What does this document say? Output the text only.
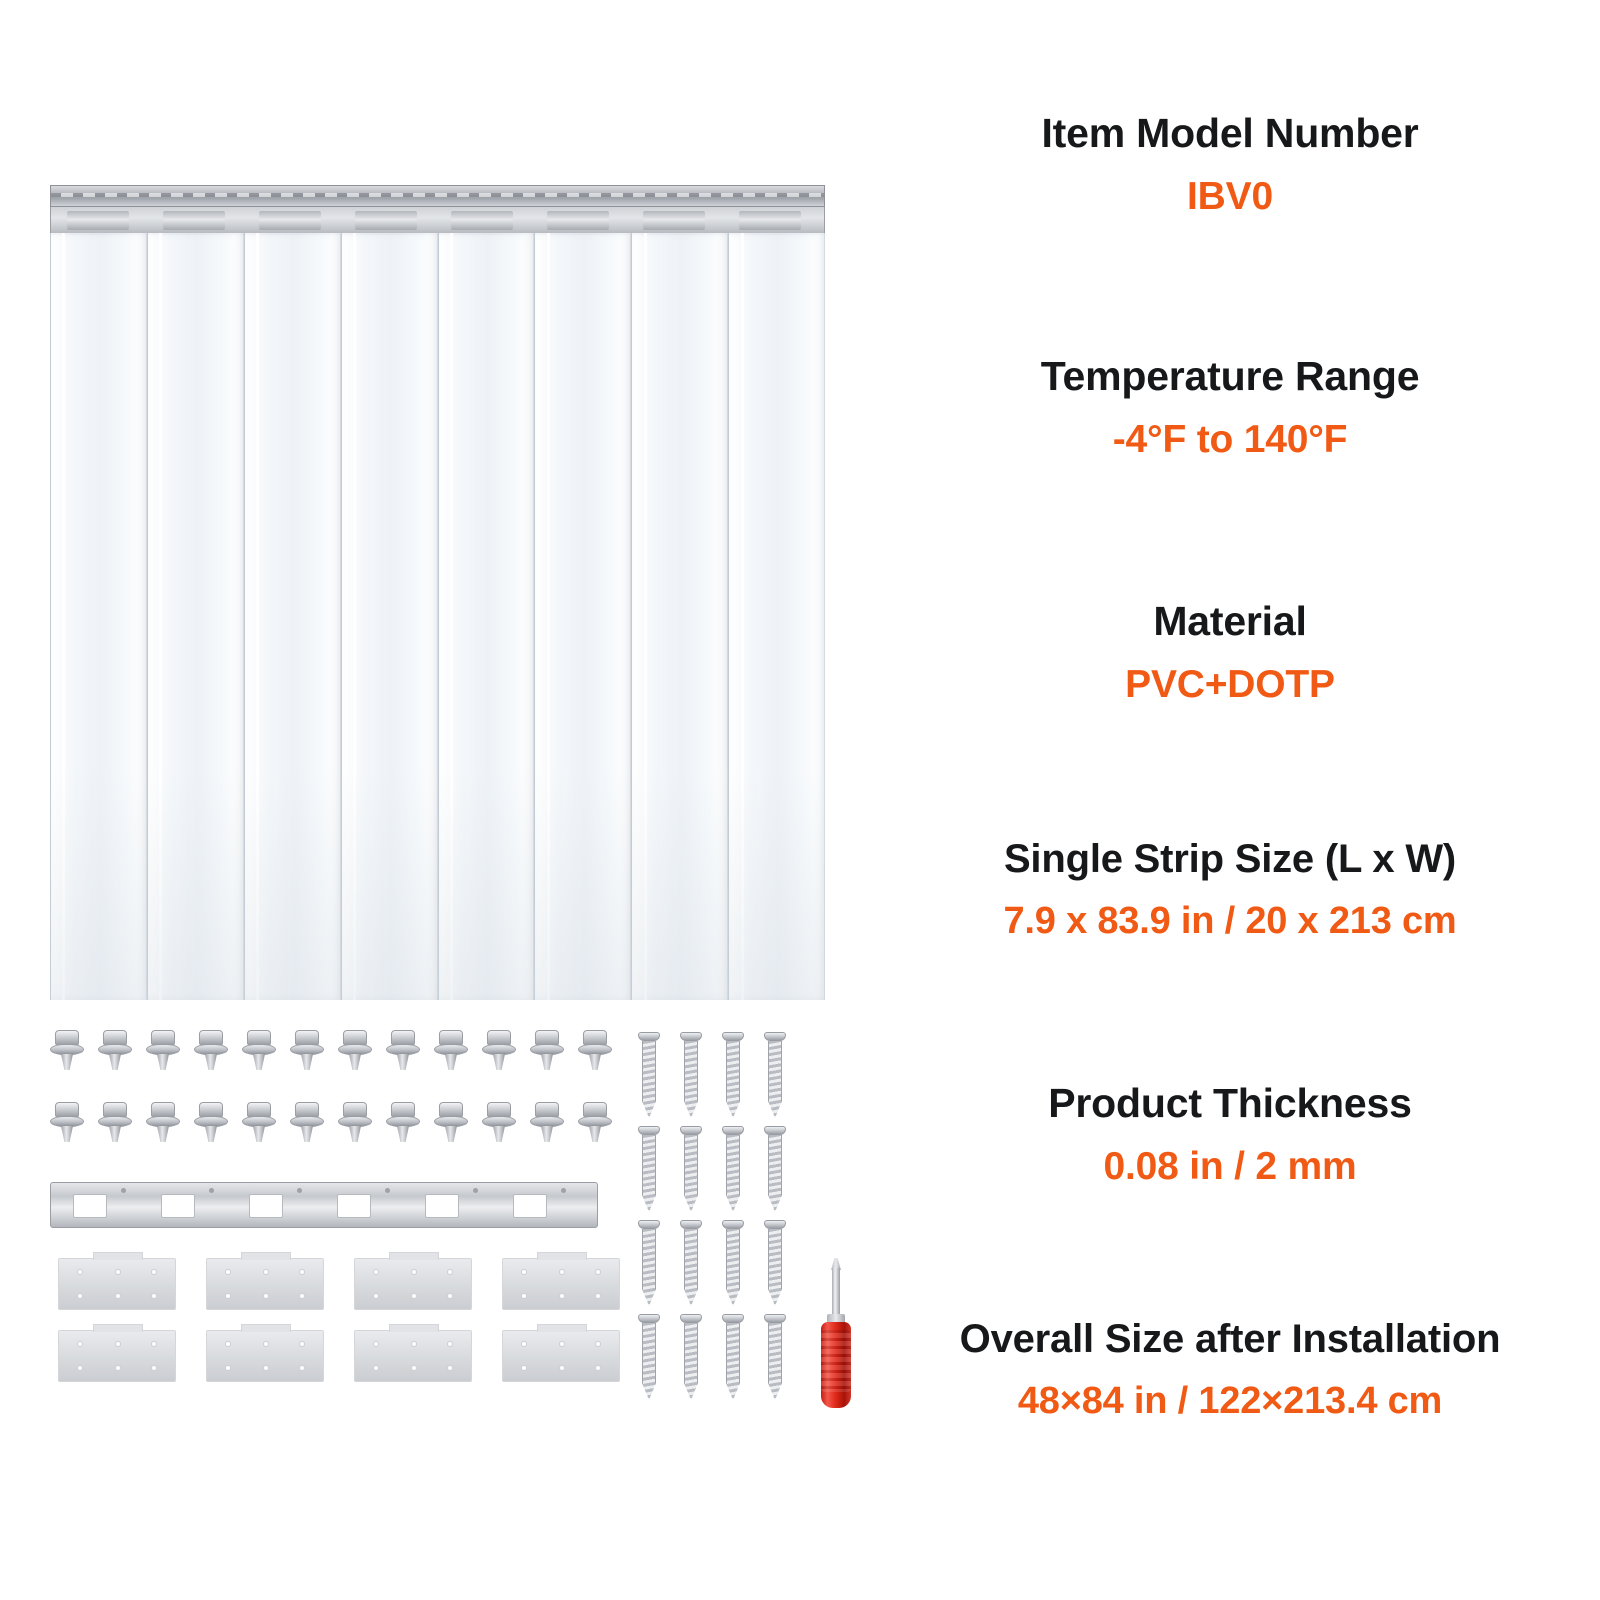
Item Model Number
IBV0
Temperature Range
-4°F to 140°F
Material
PVC+DOTP
Single Strip Size (L x W)
7.9 x 83.9 in / 20 x 213 cm
Product Thickness
0.08 in / 2 mm
Overall Size after Installation
48×84 in / 122×213.4 cm
